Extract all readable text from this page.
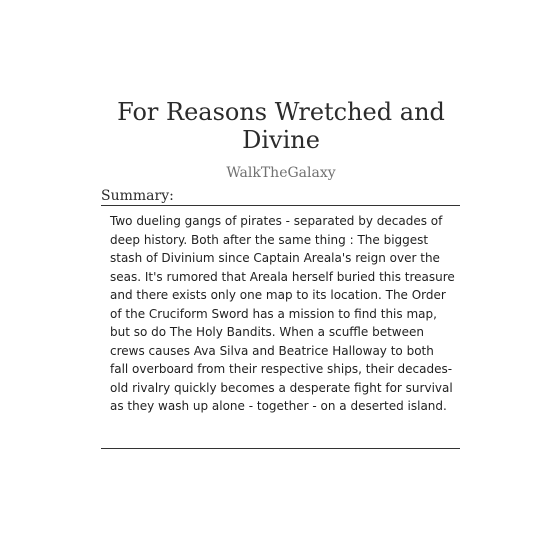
For Reasons Wretched and Divine
WalkTheGalaxy
Summary:

Two dueling gangs of pirates - separated by decades of deep history. Both after the same thing : The biggest stash of Divinium since Captain Areala's reign over the seas. It's rumored that Areala herself buried this treasure and there exists only one map to its location. The Order of the Cruciform Sword has a mission to find this map, but so do The Holy Bandits. When a scuffle between crews causes Ava Silva and Beatrice Halloway to both fall overboard from their respective ships, their decades-old rivalry quickly becomes a desperate fight for survival as they wash up alone - together - on a deserted island.
